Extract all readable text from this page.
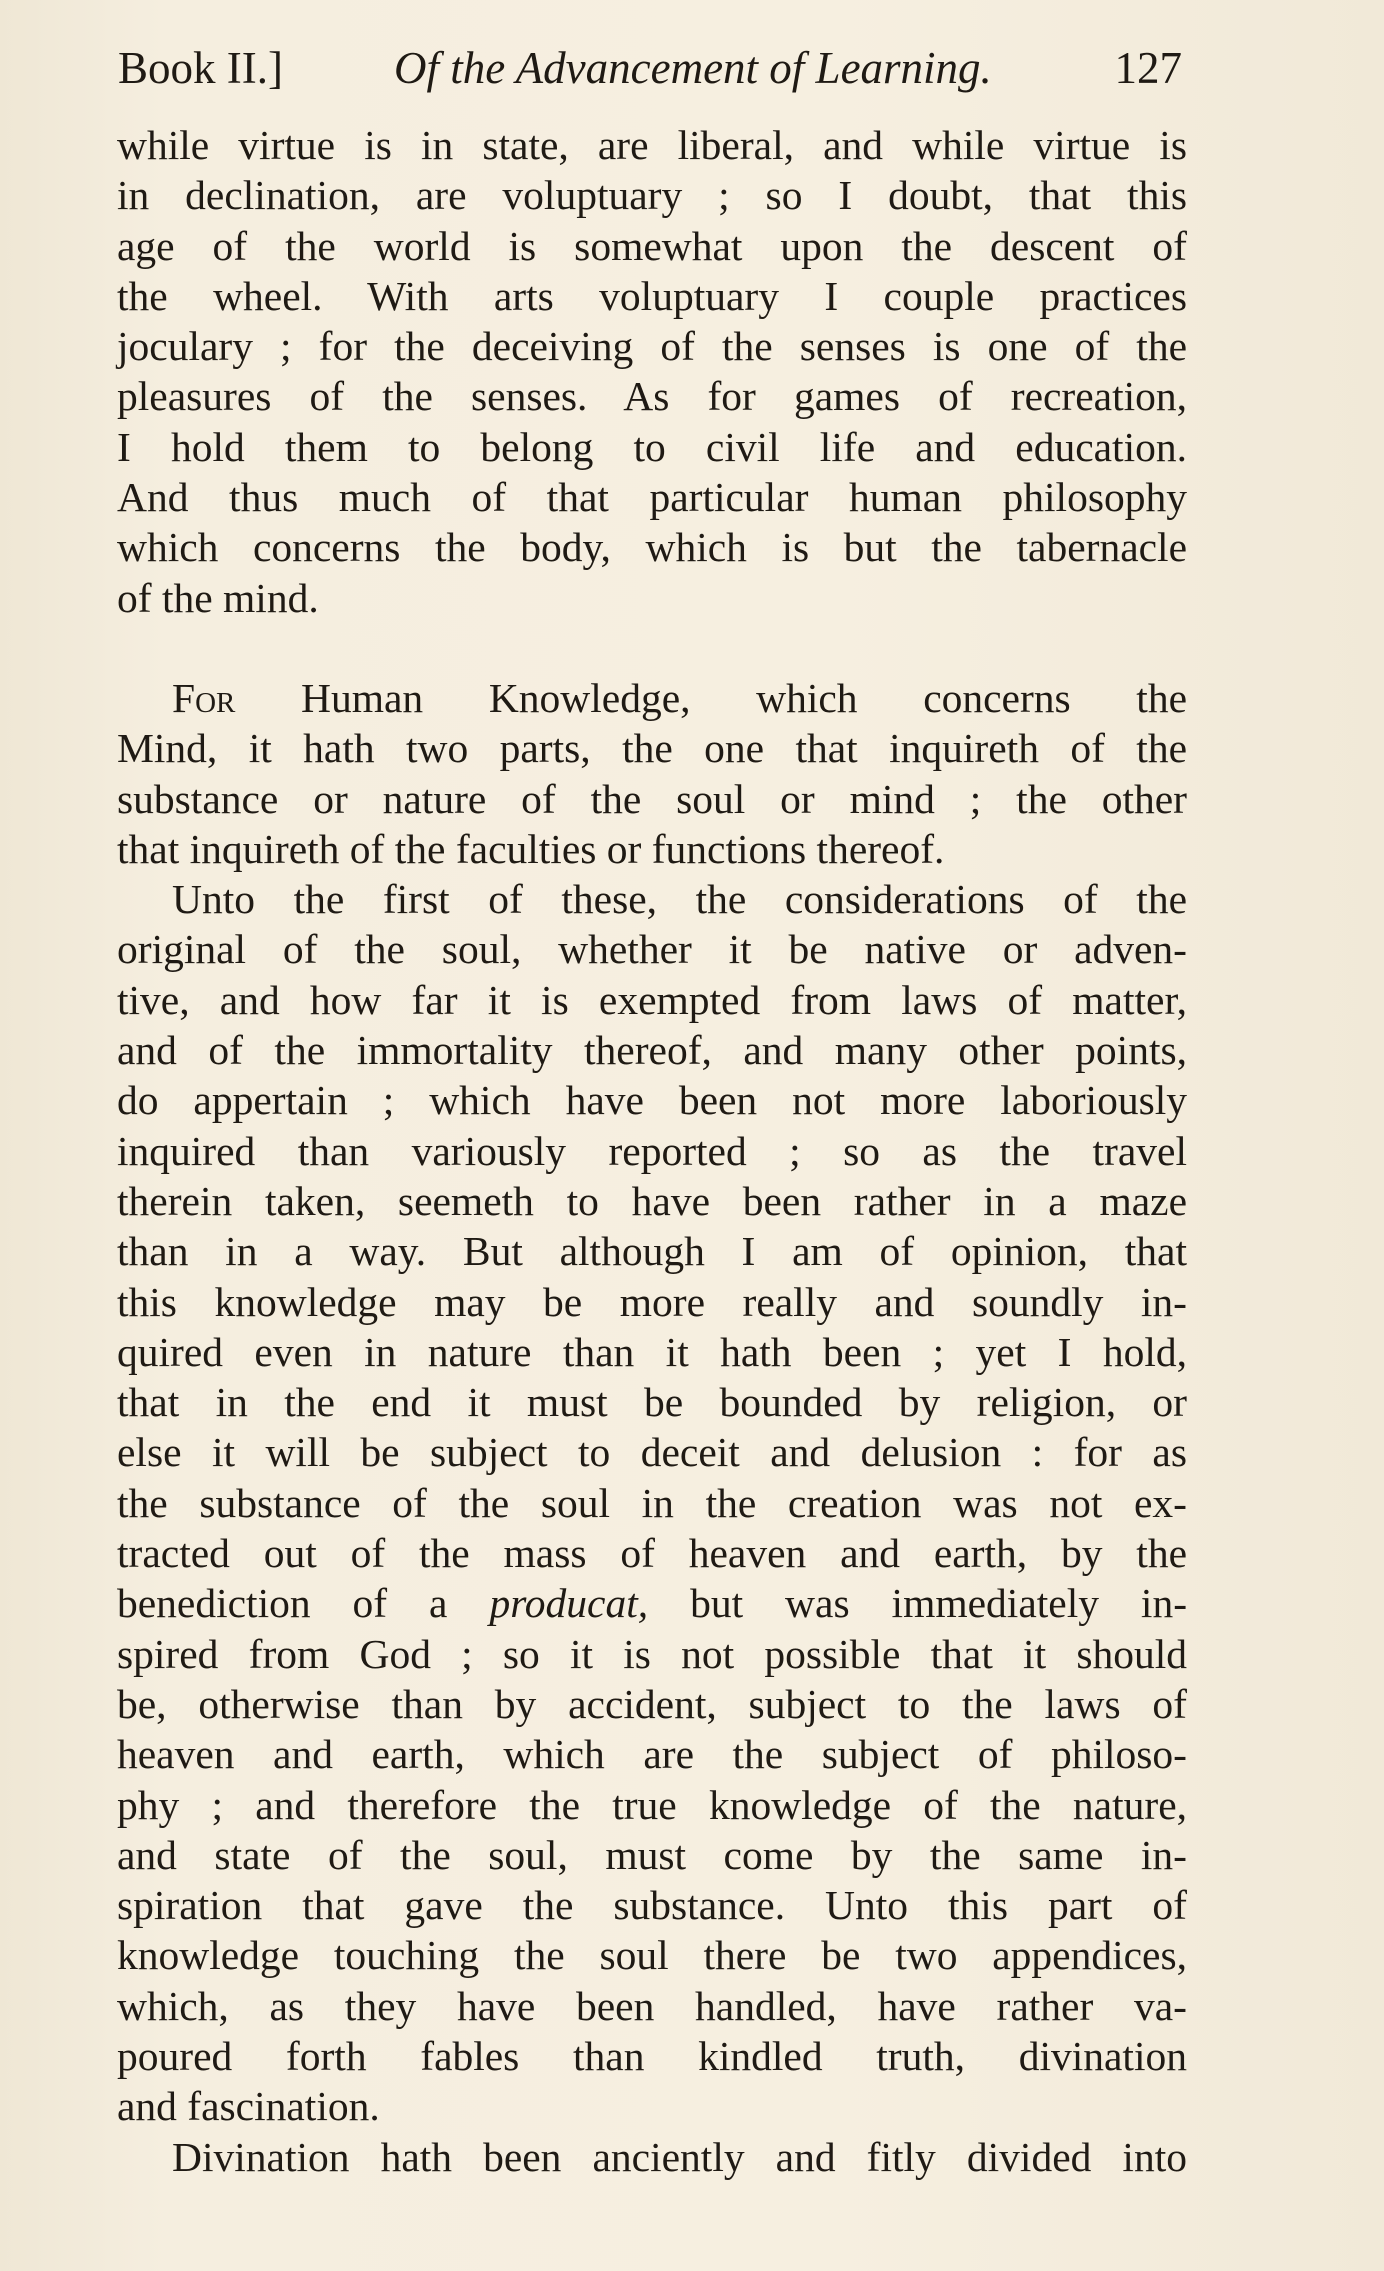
Book II.] Of the Advancement of Learning.	127
while virtue is in state, are liberal, and while virtue is
in declination, are voluptuary ; so I doubt, that this
age of the world is somewhat upon the descent of
the wheel. With arts voluptuary I couple practices
joculary ; for the deceiving of the senses is one of the
pleasures of the senses. As for games of recreation,
I hold them to belong to civil life and education.
And thus much of that particular human philosophy
which concerns the body, which is but the tabernacle
of the mind.
For Human Knowledge, which concerns the
Mind, it hath two parts, the one that inquireth of the
substance or nature of the soul or mind ; the other
that inquireth of the faculties or functions thereof.
Unto the first of these, the considerations of the
original of the soul, whether it be native or adven-
tive, and how far it is exempted from laws of matter,
and of the immortality thereof, and many other points,
do appertain ; which have been not more laboriously
inquired than variously reported ; so as the travel
therein taken, seemeth to have been rather in a maze
than in a way. But although I am of opinion, that
this knowledge may be more really and soundly in-
quired even in nature than it hath been ; yet I hold,
that in the end it must be bounded by religion, or
else it will be subject to deceit and delusion : for as
the substance of the soul in the creation was not ex-
tracted out of the mass of heaven and earth, by the
benediction of a producat, but was immediately in-
spired from God ; so it is not possible that it should
be, otherwise than by accident, subject to the laws of
heaven and earth, which are the subject of philoso-
phy ; and therefore the true knowledge of the nature,
and state of the soul, must come by the same in-
spiration that gave the substance. Unto this part of
knowledge touching the soul there be two appendices,
which, as they have been handled, have rather va-
poured forth fables than kindled truth, divination
and fascination.
Divination hath been anciently and fitly divided into
